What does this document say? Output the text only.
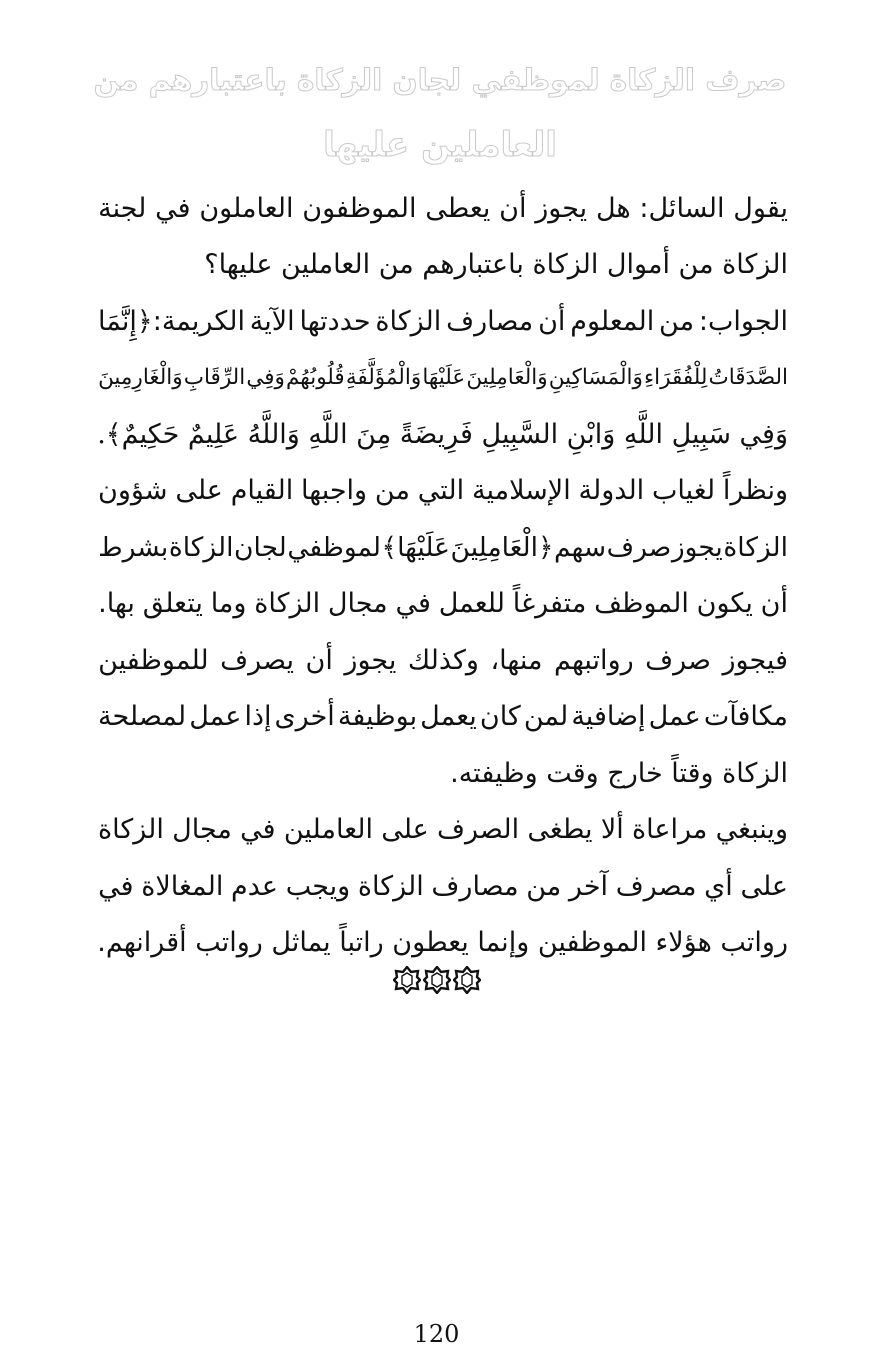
صرف الزكاة لموظفي لجان الزكاة باعتبارهم من
العاملين عليها
يقول
السائل:
هل
يجوز
أن
يعطى
الموظفون
العاملون
في
لجنة
الزكاة من أموال الزكاة باعتبارهم من العاملين عليها؟
الجواب:
من
المعلوم
أن
مصارف
الزكاة
حددتها
الآية
الكريمة:﴿إِنَّمَا
الصَّدَقَاتُ
لِلْفُقَرَاءِ
وَالْمَسَاكِينِ
وَالْعَامِلِينَ
عَلَيْهَا
وَالْمُؤَلَّفَةِ
قُلُوبُهُمْ
وَفِي
الرِّقَابِ
وَالْغَارِمِينَ
وَفِي سَبِيلِ اللَّهِ وَابْنِ السَّبِيلِ فَرِيضَةً مِنَ اللَّهِ وَاللَّهُ عَلِيمٌ حَكِيمٌ﴾.
ونظراً
لغياب
الدولة
الإسلامية
التي
من
واجبها
القيام
على
شؤون
الزكاة
يجوز
صرف
سهم
﴿الْعَامِلِينَ
عَلَيْهَا﴾
لموظفي
لجان
الزكاة
بشرط
أن
يكون
الموظف
متفرغاً
للعمل
في
مجال
الزكاة
وما
يتعلق
بها.
فيجوز
صرف
رواتبهم
منها،
وكذلك
يجوز
أن
يصرف
للموظفين
مكافآت
عمل
إضافية
لمن
كان
يعمل
بوظيفة
أخرى
إذا
عمل
لمصلحة
الزكاة وقتاً خارج وقت وظيفته.
وينبغي
مراعاة
ألا
يطغى
الصرف
على
العاملين
في
مجال
الزكاة
على
أي
مصرف
آخر
من
مصارف
الزكاة
ويجب
عدم
المغالاة
في
رواتب هؤلاء الموظفين وإنما يعطون راتباً يماثل رواتب أقرانهم.
120
